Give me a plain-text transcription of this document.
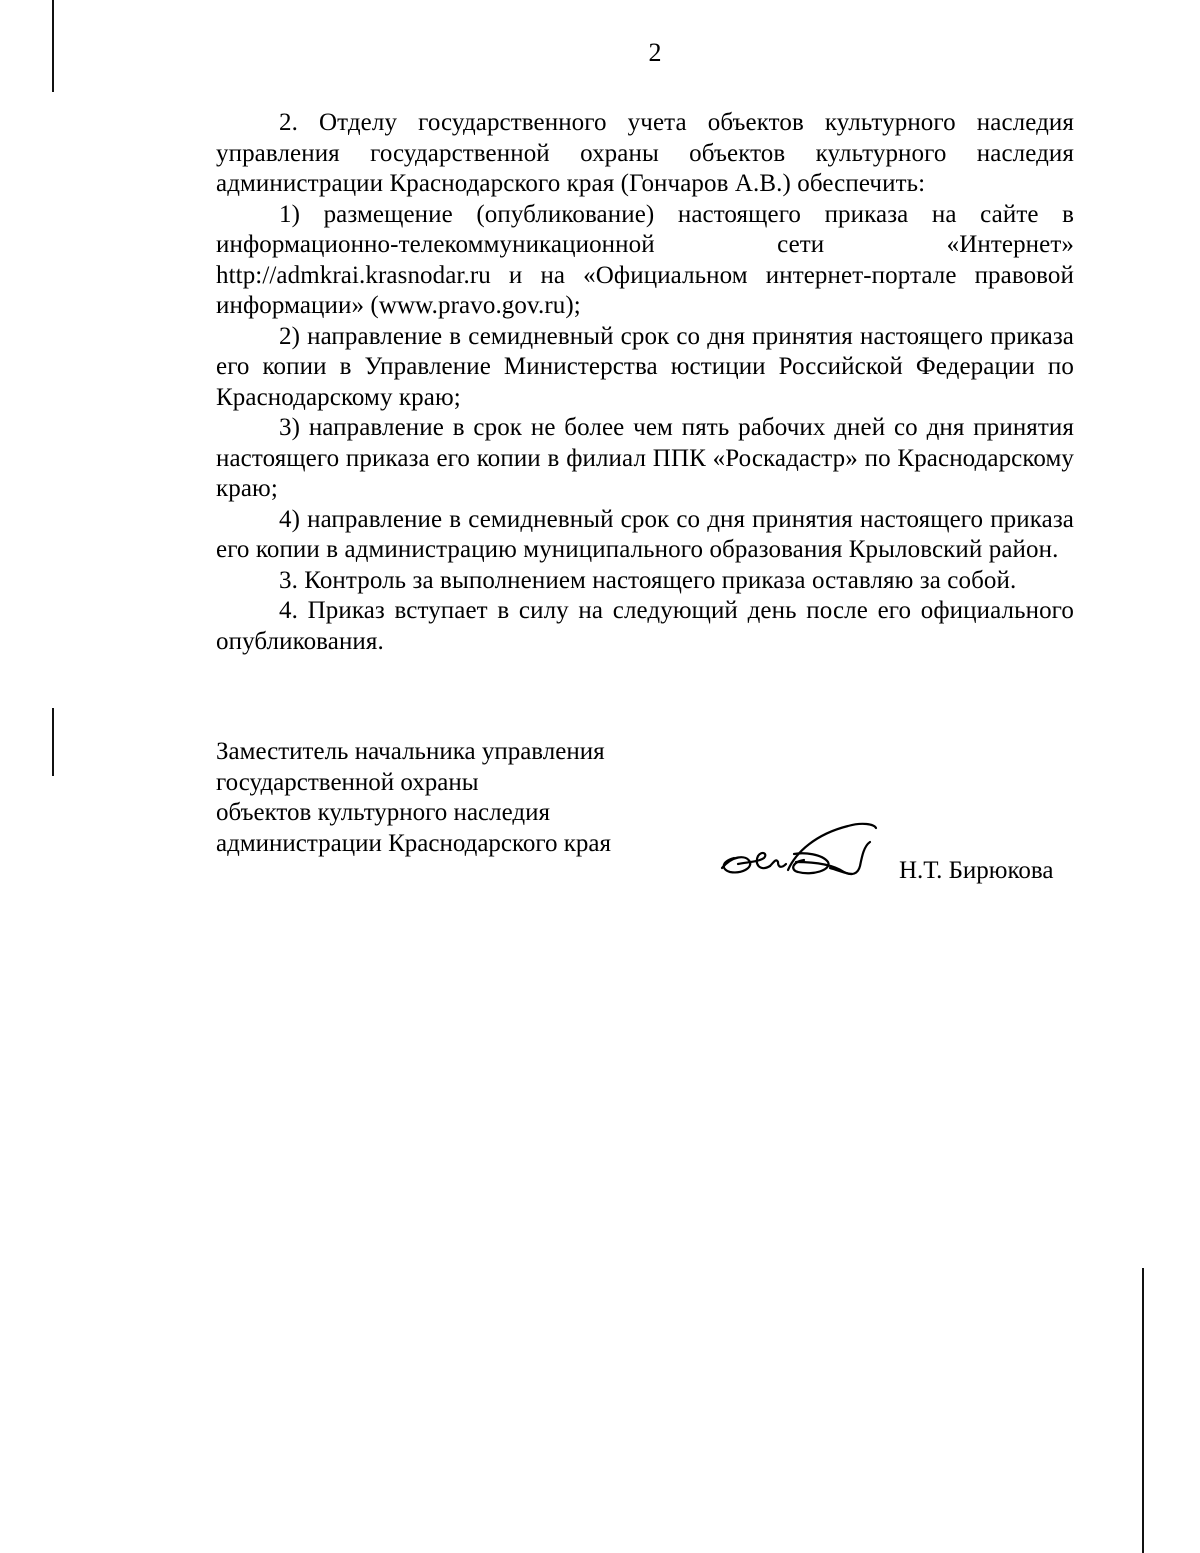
2

2. Отделу государственного учета объектов культурного наследия управления государственной охраны объектов культурного наследия администрации Краснодарского края (Гончаров А.В.) обеспечить:

1) размещение (опубликование) настоящего приказа на сайте в информационно-телекоммуникационной сети «Интернет» http://admkrai.krasnodar.ru и на «Официальном интернет-портале правовой информации» (www.pravo.gov.ru);

2) направление в семидневный срок со дня принятия настоящего приказа его копии в Управление Министерства юстиции Российской Федерации по Краснодарскому краю;

3) направление в срок не более чем пять рабочих дней со дня принятия настоящего приказа его копии в филиал ППК «Роскадастр» по Краснодарскому краю;

4) направление в семидневный срок со дня принятия настоящего приказа его копии в администрацию муниципального образования Крыловский район.

3. Контроль за выполнением настоящего приказа оставляю за собой.

4. Приказ вступает в силу на следующий день после его официального опубликования.

Заместитель начальника управления
государственной охраны
объектов культурного наследия
администрации Краснодарского края
Н.Т. Бирюкова
